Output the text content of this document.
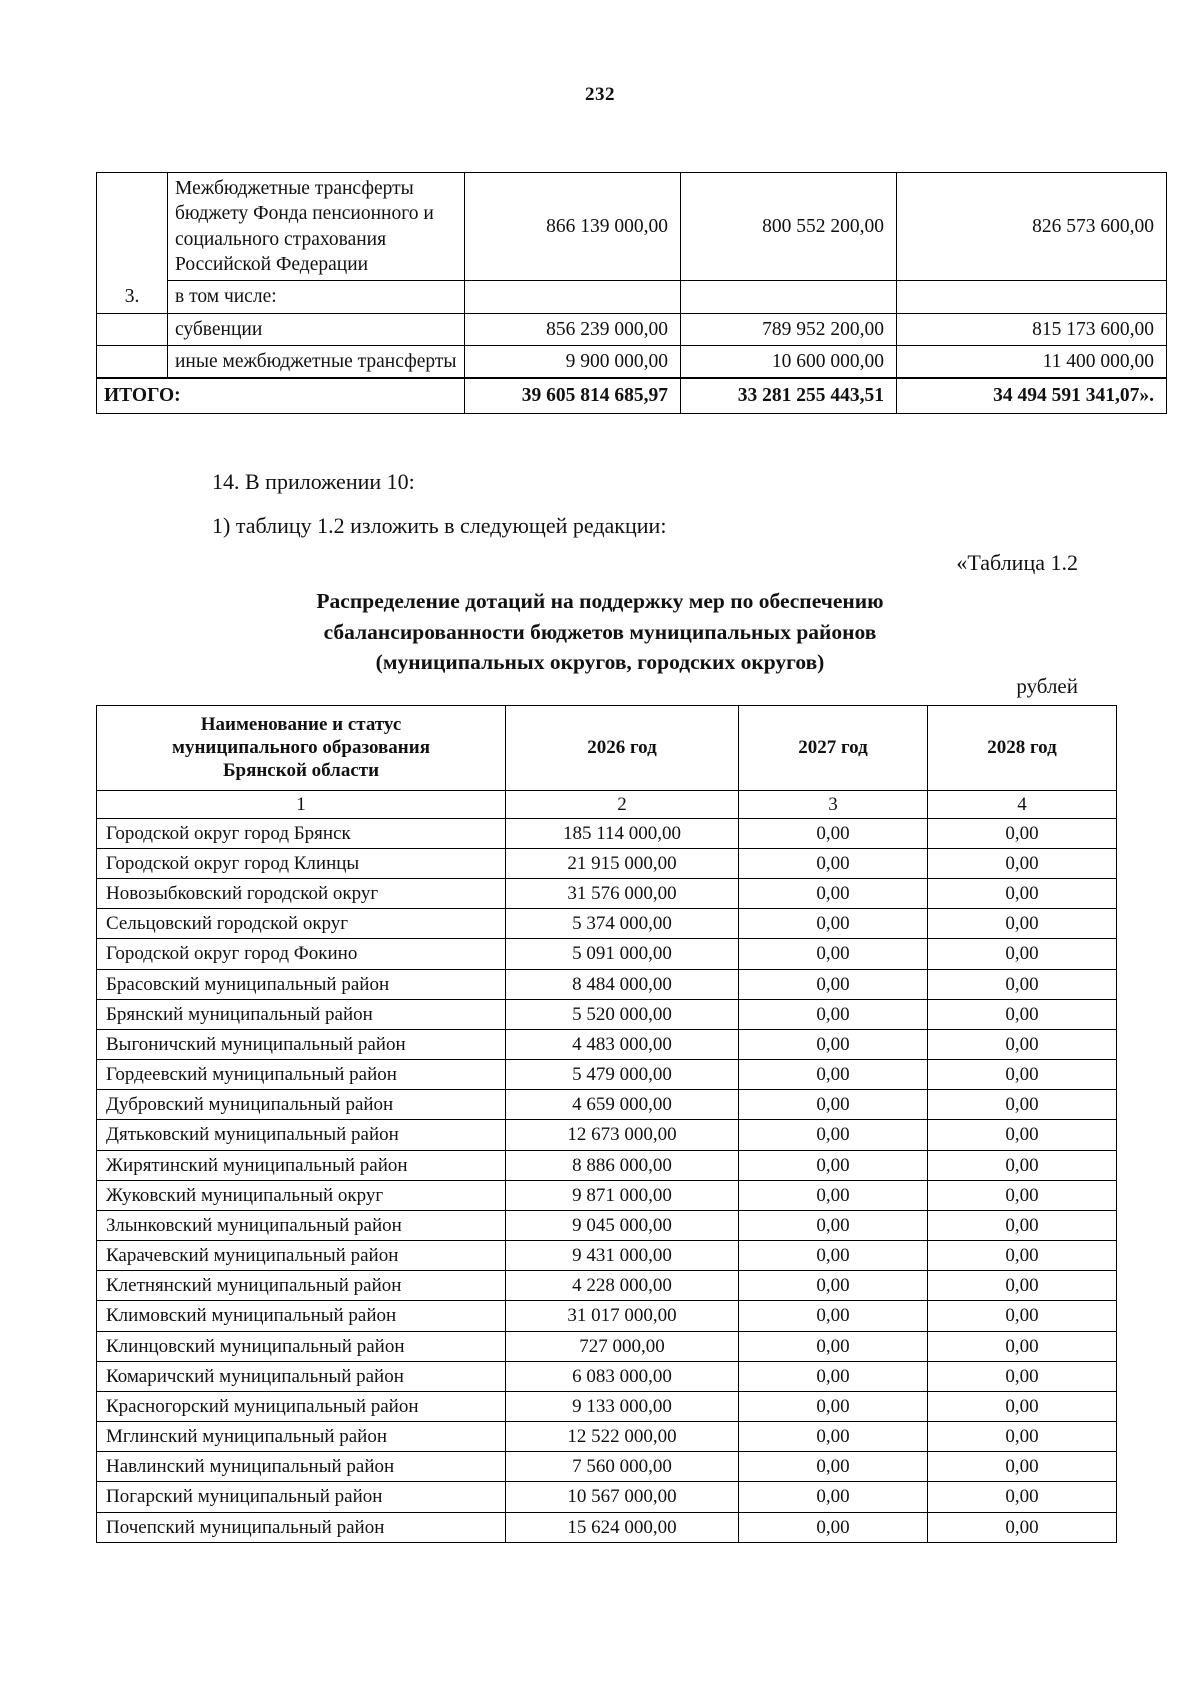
232
3.	Межбюджетные трансферты бюджету Фонда пенсионного и социального страхования Российской Федерации	866 139 000,00	800 552 200,00	826 573 600,00
	в том числе:			
	субвенции	856 239 000,00	789 952 200,00	815 173 600,00
	иные межбюджетные трансферты	9 900 000,00	10 600 000,00	11 400 000,00
ИТОГО:		39 605 814 685,97	33 281 255 443,51	34 494 591 341,07».
14. В приложении 10:
1) таблицу 1.2 изложить в следующей редакции:
«Таблица 1.2
Распределение дотаций на поддержку мер по обеспечению
сбалансированности бюджетов муниципальных районов
(муниципальных округов, городских округов)
рублей
Наименование и статус
муниципального образования
Брянской области	2026 год	2027 год	2028 год
1	2	3	4
Городской округ город Брянск	185 114 000,00	0,00	0,00
Городской округ город Клинцы	21 915 000,00	0,00	0,00
Новозыбковский городской округ	31 576 000,00	0,00	0,00
Сельцовский городской округ	5 374 000,00	0,00	0,00
Городской округ город Фокино	5 091 000,00	0,00	0,00
Брасовский муниципальный район	8 484 000,00	0,00	0,00
Брянский муниципальный район	5 520 000,00	0,00	0,00
Выгоничский муниципальный район	4 483 000,00	0,00	0,00
Гордеевский муниципальный район	5 479 000,00	0,00	0,00
Дубровский муниципальный район	4 659 000,00	0,00	0,00
Дятьковский муниципальный район	12 673 000,00	0,00	0,00
Жирятинский муниципальный район	8 886 000,00	0,00	0,00
Жуковский муниципальный округ	9 871 000,00	0,00	0,00
Злынковский муниципальный район	9 045 000,00	0,00	0,00
Карачевский муниципальный район	9 431 000,00	0,00	0,00
Клетнянский муниципальный район	4 228 000,00	0,00	0,00
Климовский муниципальный район	31 017 000,00	0,00	0,00
Клинцовский муниципальный район	727 000,00	0,00	0,00
Комаричский муниципальный район	6 083 000,00	0,00	0,00
Красногорский муниципальный район	9 133 000,00	0,00	0,00
Мглинский муниципальный район	12 522 000,00	0,00	0,00
Навлинский муниципальный район	7 560 000,00	0,00	0,00
Погарский муниципальный район	10 567 000,00	0,00	0,00
Почепский муниципальный район	15 624 000,00	0,00	0,00
